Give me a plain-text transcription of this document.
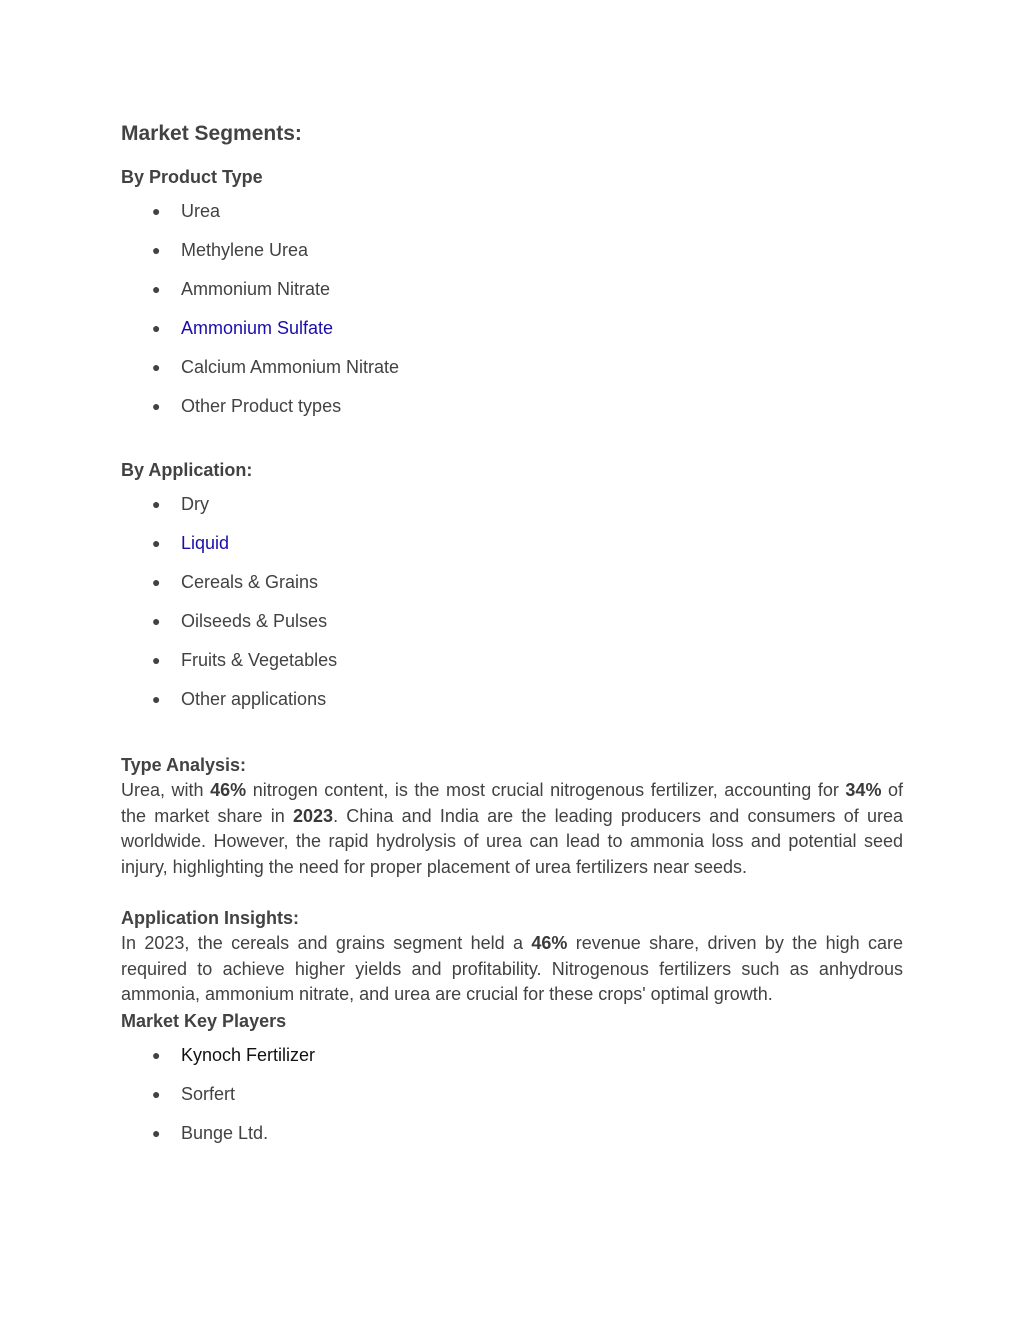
Market Segments:
By Product Type
● Urea
● Methylene Urea
● Ammonium Nitrate
● Ammonium Sulfate
● Calcium Ammonium Nitrate
● Other Product types
By Application:
● Dry
● Liquid
● Cereals & Grains
● Oilseeds & Pulses
● Fruits & Vegetables
● Other applications
Type Analysis:

Urea, with 46% nitrogen content, is the most crucial nitrogenous fertilizer, accounting for 34% of the market share in 2023. China and India are the leading producers and consumers of urea worldwide. However, the rapid hydrolysis of urea can lead to ammonia loss and potential seed injury, highlighting the need for proper placement of urea fertilizers near seeds.

Application Insights:

In 2023, the cereals and grains segment held a 46% revenue share, driven by the high care required to achieve higher yields and profitability. Nitrogenous fertilizers such as anhydrous ammonia, ammonium nitrate, and urea are crucial for these crops' optimal growth.

Market Key Players
● Kynoch Fertilizer
● Sorfert
● Bunge Ltd.
